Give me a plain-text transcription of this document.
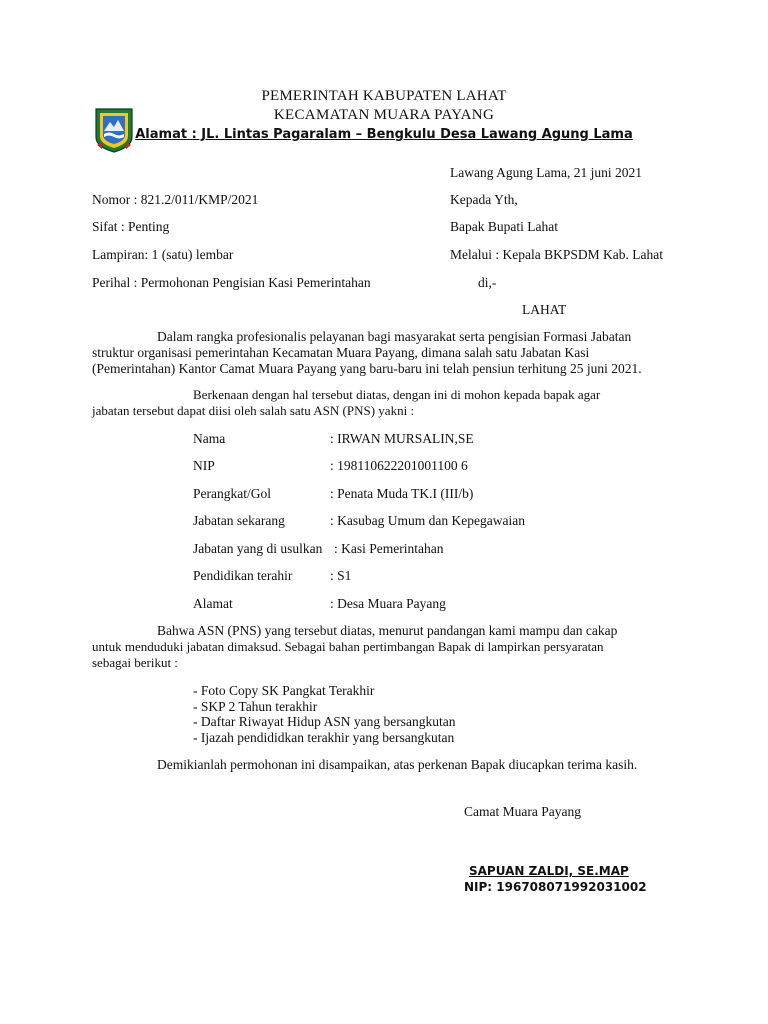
PEMERINTAH KABUPATEN LAHAT
KECAMATAN MUARA PAYANG
Alamat : JL. Lintas Pagaralam – Bengkulu Desa Lawang Agung Lama
Lawang Agung Lama, 21 juni 2021
Nomor : 821.2/011/KMP/2021
Sifat : Penting
Lampiran: 1 (satu) lembar
Perihal : Permohonan Pengisian Kasi Pemerintahan
Kepada Yth,
Bapak Bupati Lahat
Melalui : Kepala BKPSDM Kab. Lahat
di,-
LAHAT
Dalam rangka profesionalis pelayanan bagi masyarakat serta pengisian Formasi Jabatan
struktur organisasi pemerintahan Kecamatan Muara Payang, dimana salah satu Jabatan Kasi
(Pemerintahan) Kantor Camat Muara Payang yang baru-baru ini telah pensiun terhitung 25 juni 2021.
Berkenaan dengan hal tersebut diatas, dengan ini di mohon kepada bapak agar
jabatan tersebut dapat diisi oleh salah satu ASN (PNS) yakni :
Nama	: IRWAN MURSALIN,SE
NIP	: 198110622201001100 6
Perangkat/Gol	: Penata Muda TK.I (III/b)
Jabatan sekarang	: Kasubag Umum dan Kepegawaian
Jabatan yang di usulkan : Kasi Pemerintahan
Pendidikan terahir	: S1
Alamat	: Desa Muara Payang
Bahwa ASN (PNS) yang tersebut diatas, menurut pandangan kami mampu dan cakap
untuk menduduki jabatan dimaksud. Sebagai bahan pertimbangan Bapak di lampirkan persyaratan
sebagai berikut :
- Foto Copy SK Pangkat Terakhir
- SKP 2 Tahun terakhir
- Daftar Riwayat Hidup ASN yang bersangkutan
- Ijazah pendididkan terakhir yang bersangkutan
Demikianlah permohonan ini disampaikan, atas perkenan Bapak diucapkan terima kasih.
Camat Muara Payang
SAPUAN ZALDI, SE.MAP
NIP: 196708071992031002
